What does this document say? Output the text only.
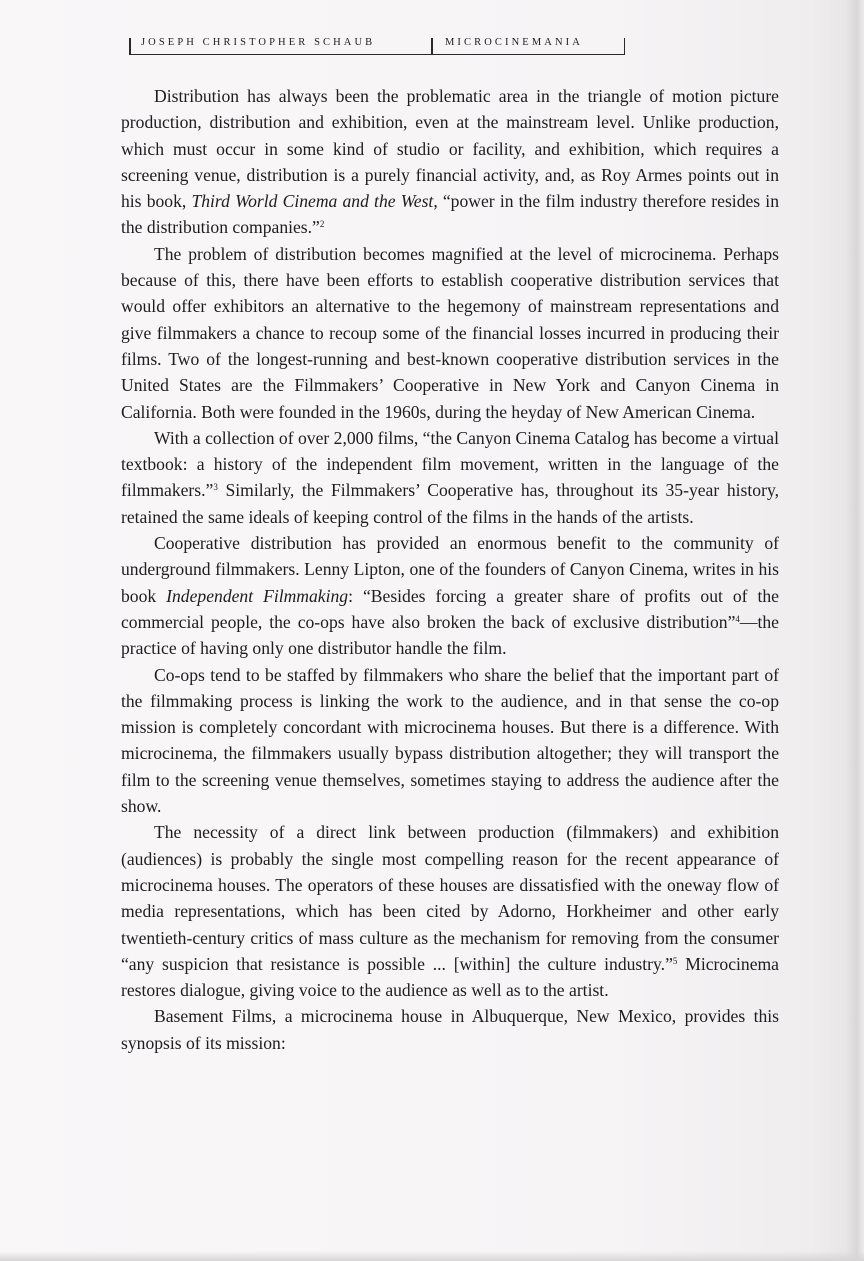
JOSEPH CHRISTOPHER SCHAUB	MICROCINEMANIA

Distribution has always been the problematic area in the triangle of motion picture production, distribution and exhibition, even at the mainstream level. Unlike production, which must occur in some kind of studio or facility, and exhibition, which requires a screening venue, distribution is a purely financial activity, and, as Roy Armes points out in his book, Third World Cinema and the West, “power in the film industry therefore resides in the distribution companies.”$^2$

The problem of distribution becomes magnified at the level of microcinema. Perhaps because of this, there have been efforts to establish cooperative distribution services that would offer exhibitors an alternative to the hegemony of mainstream representations and give filmmakers a chance to recoup some of the financial losses incurred in producing their films. Two of the longest-running and best-known cooperative distribution services in the United States are the Filmmakers’ Cooperative in New York and Canyon Cinema in California. Both were founded in the 1960s, during the heyday of New American Cinema.

With a collection of over 2,000 films, “the Canyon Cinema Catalog has become a virtual textbook: a history of the independent film movement, written in the language of the filmmakers.”$^3$ Similarly, the Filmmakers’ Cooperative has, throughout its 35-year history, retained the same ideals of keeping control of the films in the hands of the artists.

Cooperative distribution has provided an enormous benefit to the community of underground filmmakers. Lenny Lipton, one of the founders of Canyon Cinema, writes in his book Independent Filmmaking: “Besides forcing a greater share of profits out of the commercial people, the co-ops have also broken the back of exclusive distribution”$^4$—the practice of having only one distributor handle the film.

Co-ops tend to be staffed by filmmakers who share the belief that the important part of the filmmaking process is linking the work to the audience, and in that sense the co-op mission is completely concordant with microcinema houses. But there is a difference. With microcinema, the filmmakers usually bypass distribution altogether; they will transport the film to the screening venue themselves, sometimes staying to address the audience after the show.

The necessity of a direct link between production (filmmakers) and exhibition (audiences) is probably the single most compelling reason for the recent appearance of microcinema houses. The operators of these houses are dissatisfied with the oneway flow of media representations, which has been cited by Adorno, Horkheimer and other early twentieth-century critics of mass culture as the mechanism for removing from the consumer “any suspicion that resistance is possible ... [within] the culture industry.”$^5$ Microcinema restores dialogue, giving voice to the audience as well as to the artist.

Basement Films, a microcinema house in Albuquerque, New Mexico, provides this synopsis of its mission:
